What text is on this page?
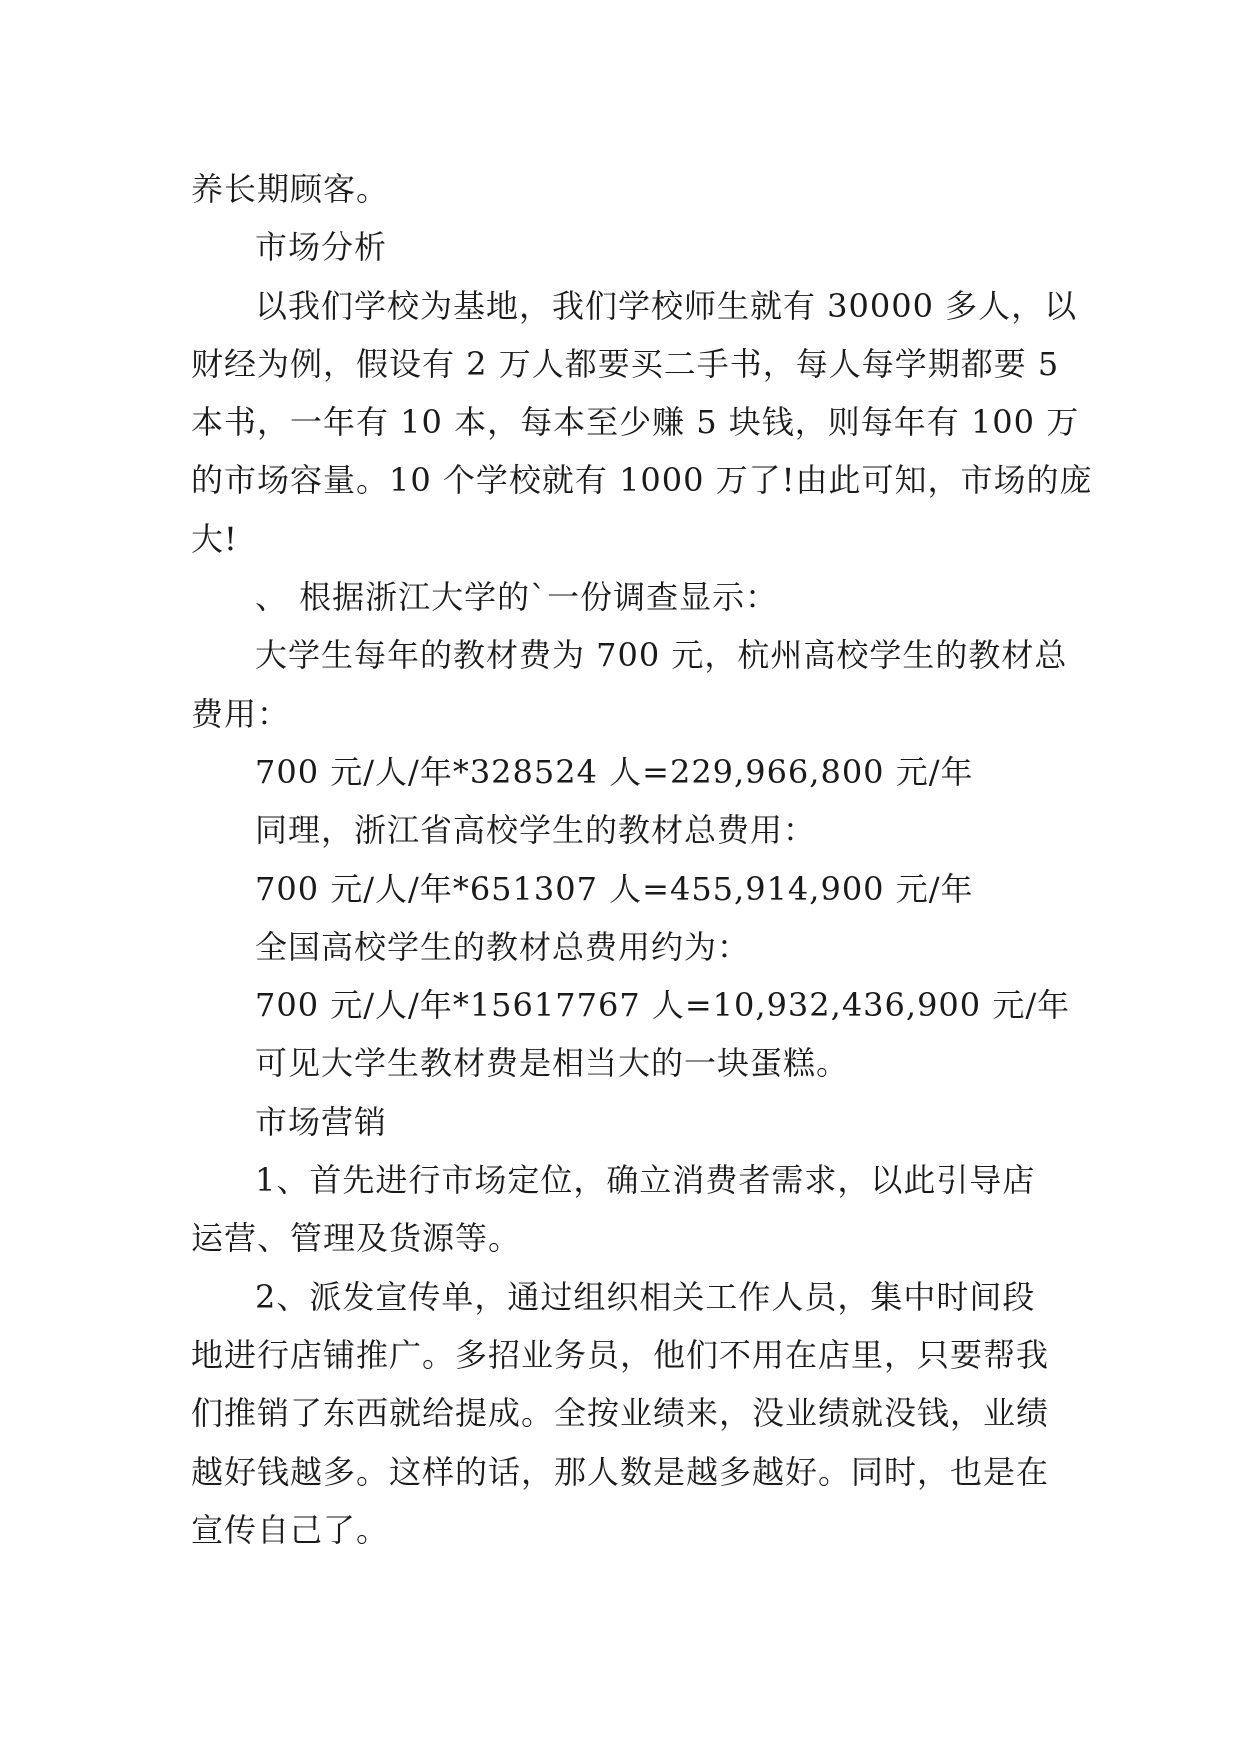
养长期顾客。
市场分析
以我们学校为基地，我们学校师生就有 30000 多人，以
财经为例，假设有 2 万人都要买二手书，每人每学期都要 5
本书，一年有 10 本，每本至少赚 5 块钱，则每年有 100 万
的市场容量。10 个学校就有 1000 万了!由此可知，市场的庞
大!
、 根据浙江大学的`一份调查显示：
大学生每年的教材费为 700 元，杭州高校学生的教材总
费用：
700 元/人/年*328524 人=229,966,800 元/年
同理，浙江省高校学生的教材总费用：
700 元/人/年*651307 人=455,914,900 元/年
全国高校学生的教材总费用约为：
700 元/人/年*15617767 人=10,932,436,900 元/年
可见大学生教材费是相当大的一块蛋糕。
市场营销
1、首先进行市场定位，确立消费者需求，以此引导店
运营、管理及货源等。
2、派发宣传单，通过组织相关工作人员，集中时间段
地进行店铺推广。多招业务员，他们不用在店里，只要帮我
们推销了东西就给提成。全按业绩来，没业绩就没钱，业绩
越好钱越多。这样的话，那人数是越多越好。同时，也是在
宣传自己了。
